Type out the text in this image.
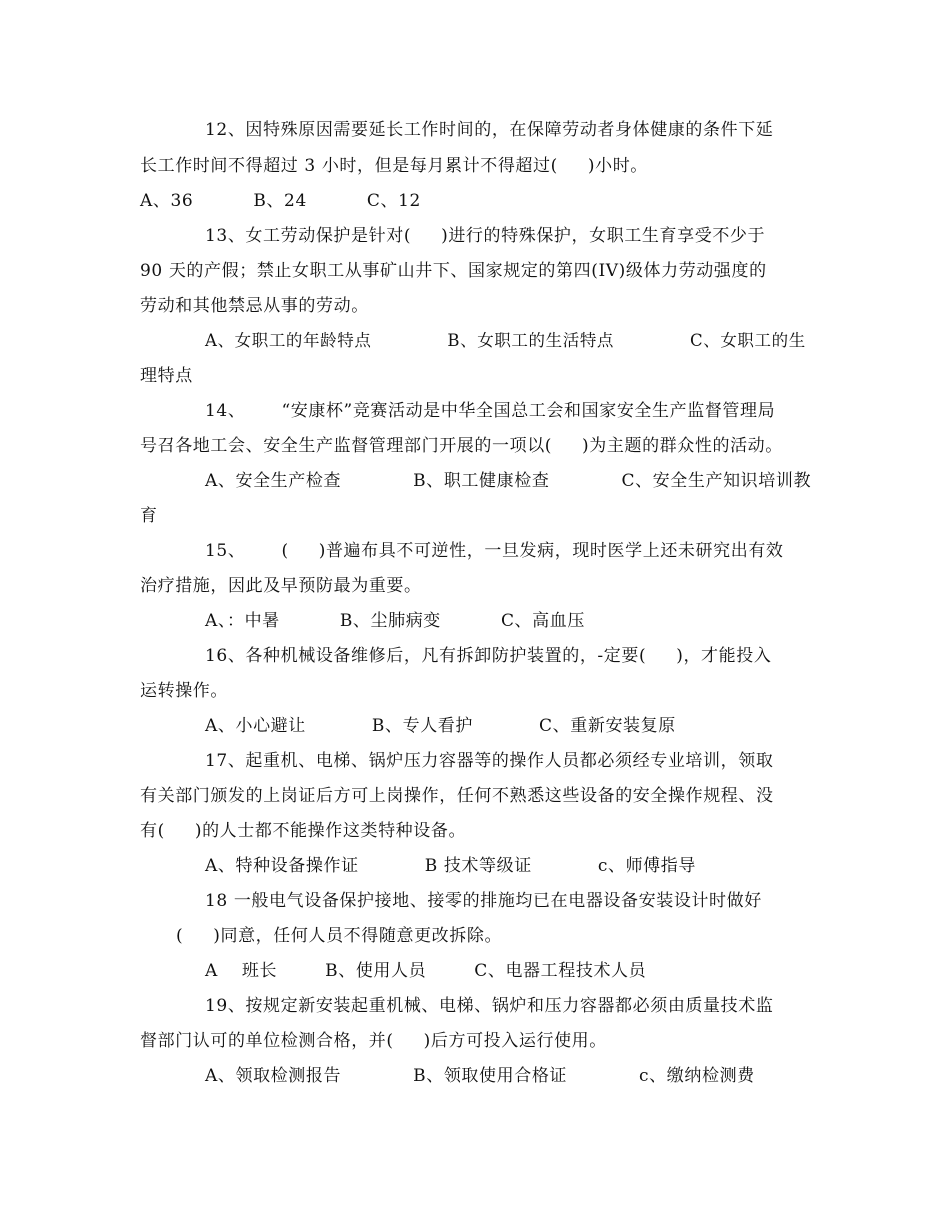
12、因特殊原因需要延长工作时间的，在保障劳动者身体健康的条件下延
长工作时间不得超过 3 小时，但是每月累计不得超过(     )小时。
A、36          B、24          C、12
13、女工劳动保护是针对(     )进行的特殊保护，女职工生育享受不少于
90 天的产假；禁止女职工从事矿山井下、国家规定的第四(IV)级体力劳动强度的
劳动和其他禁忌从事的劳动。
A、女职工的年龄特点             B、女职工的生活特点             C、女职工的生
理特点
14、      “安康杯”竞赛活动是中华全国总工会和国家安全生产监督管理局
号召各地工会、安全生产监督管理部门开展的一项以(     )为主题的群众性的活动。
A、安全生产检查            B、职工健康检查            C、安全生产知识培训教
育
15、      (     )普遍布具不可逆性，一旦发病，现时医学上还未研究出有效
治疗措施，因此及早预防最为重要。
A、：中暑          B、尘肺病变          C、高血压
16、各种机械设备维修后，凡有拆卸防护装置的，-定要(     )，才能投入
运转操作。
A、小心避让           B、专人看护           C、重新安装复原
17、起重机、电梯、锅炉压力容器等的操作人员都必须经专业培训，领取
有关部门颁发的上岗证后方可上岗操作，任何不熟悉这些设备的安全操作规程、没
有(     )的人士都不能操作这类特种设备。
A、特种设备操作证           B 技术等级证           c、师傅指导
18 一般电气设备保护接地、接零的排施均已在电器设备安装设计时做好
(     )同意，任何人员不得随意更改拆除。
A    班长        B、使用人员        C、电器工程技术人员
19、按规定新安装起重机械、电梯、锅炉和压力容器都必须由质量技术监
督部门认可的单位检测合格，并(     )后方可投入运行使用。
A、领取检测报告            B、领取使用合格证            c、缴纳检测费
